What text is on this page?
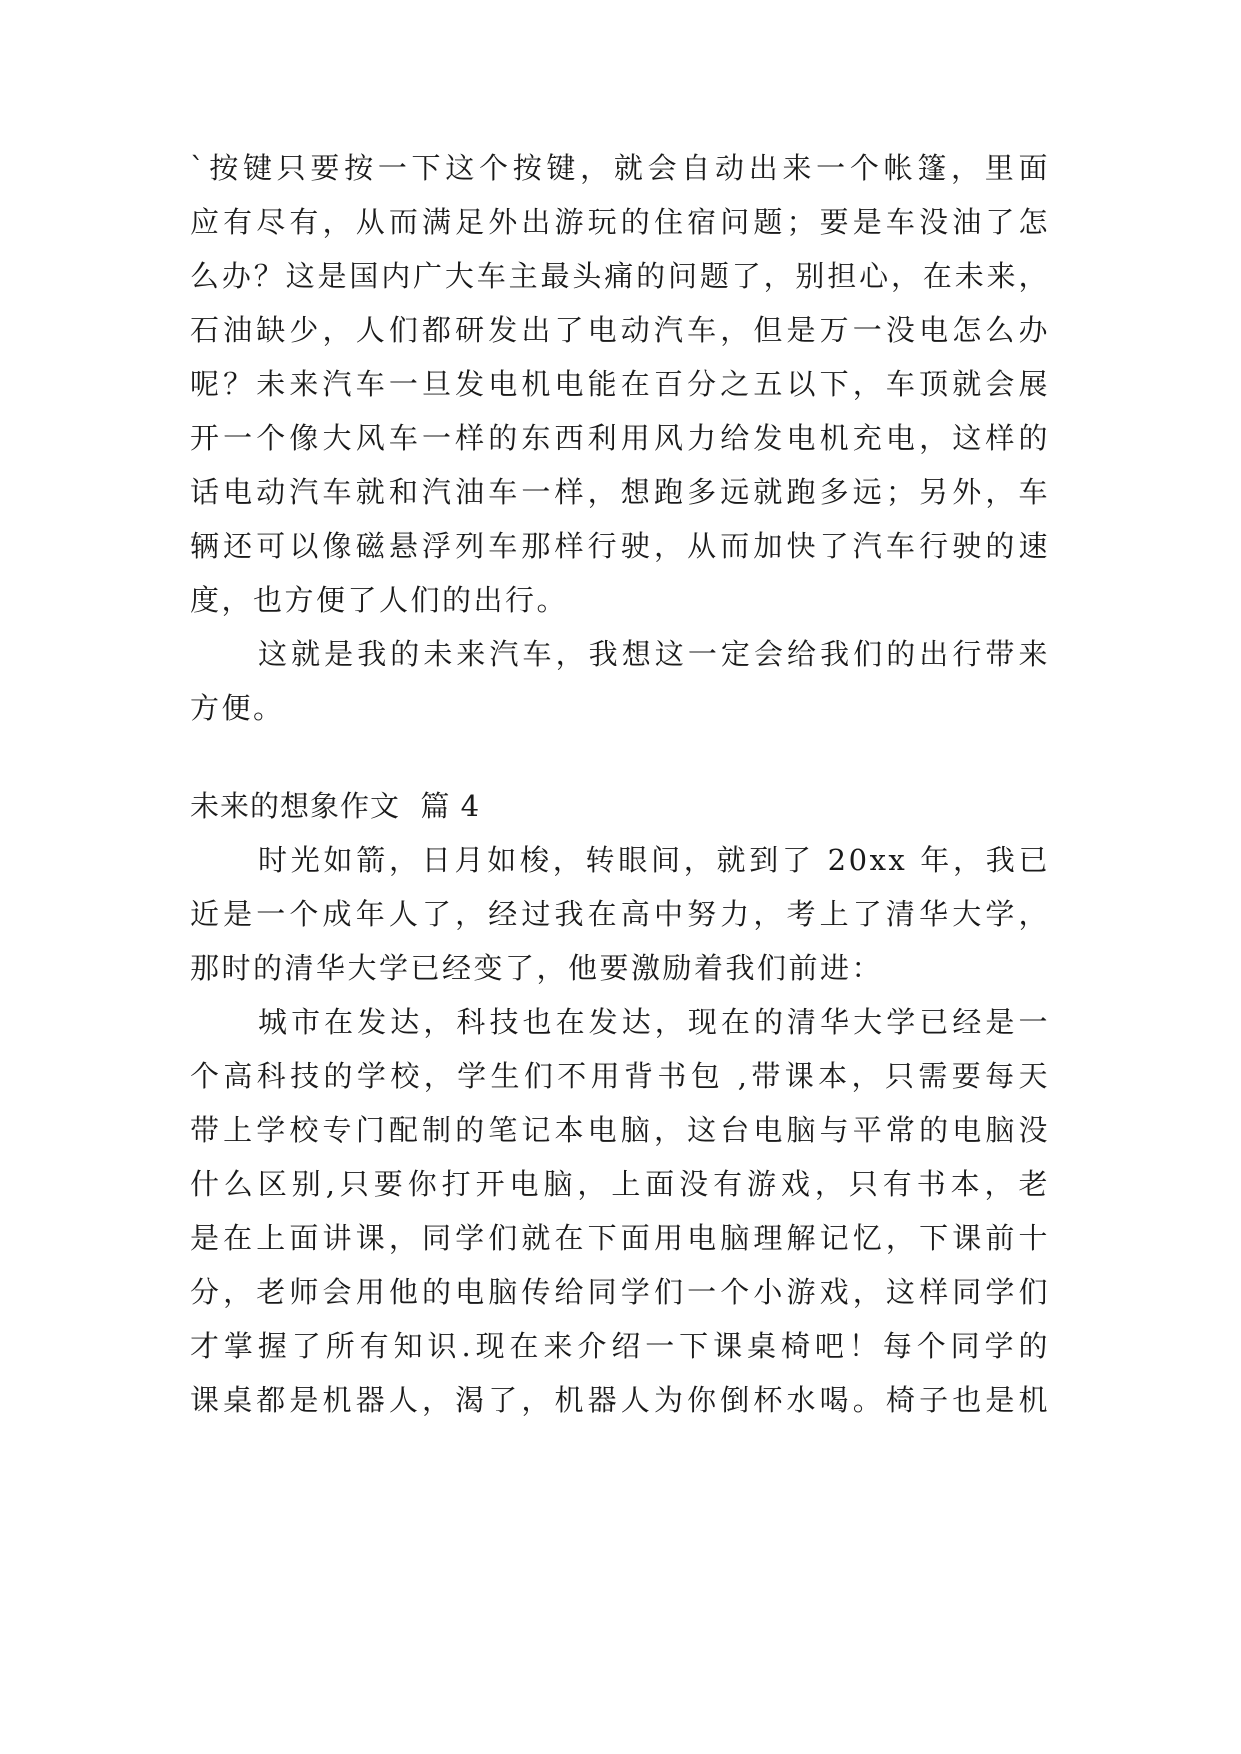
`按键只要按一下这个按键，就会自动出来一个帐篷，里面
应有尽有，从而满足外出游玩的住宿问题；要是车没油了怎
么办？这是国内广大车主最头痛的问题了，别担心，在未来，
石油缺少，人们都研发出了电动汽车，但是万一没电怎么办
呢？未来汽车一旦发电机电能在百分之五以下，车顶就会展
开一个像大风车一样的东西利用风力给发电机充电，这样的
话电动汽车就和汽油车一样，想跑多远就跑多远；另外，车
辆还可以像磁悬浮列车那样行驶，从而加快了汽车行驶的速
度，也方便了人们的出行。
这就是我的未来汽车，我想这一定会给我们的出行带来
方便。
未来的想象作文  篇 4
时光如箭，日月如梭，转眼间，就到了 20xx 年，我已
近是一个成年人了，经过我在高中努力，考上了清华大学，
那时的清华大学已经变了，他要激励着我们前进：
城市在发达，科技也在发达，现在的清华大学已经是一
个高科技的学校，学生们不用背书包 ,带课本，只需要每天
带上学校专门配制的笔记本电脑，这台电脑与平常的电脑没
什么区别,只要你打开电脑，上面没有游戏，只有书本，老
是在上面讲课，同学们就在下面用电脑理解记忆，下课前十
分，老师会用他的电脑传给同学们一个小游戏，这样同学们
才掌握了所有知识.现在来介绍一下课桌椅吧！每个同学的
课桌都是机器人，渴了，机器人为你倒杯水喝。椅子也是机
